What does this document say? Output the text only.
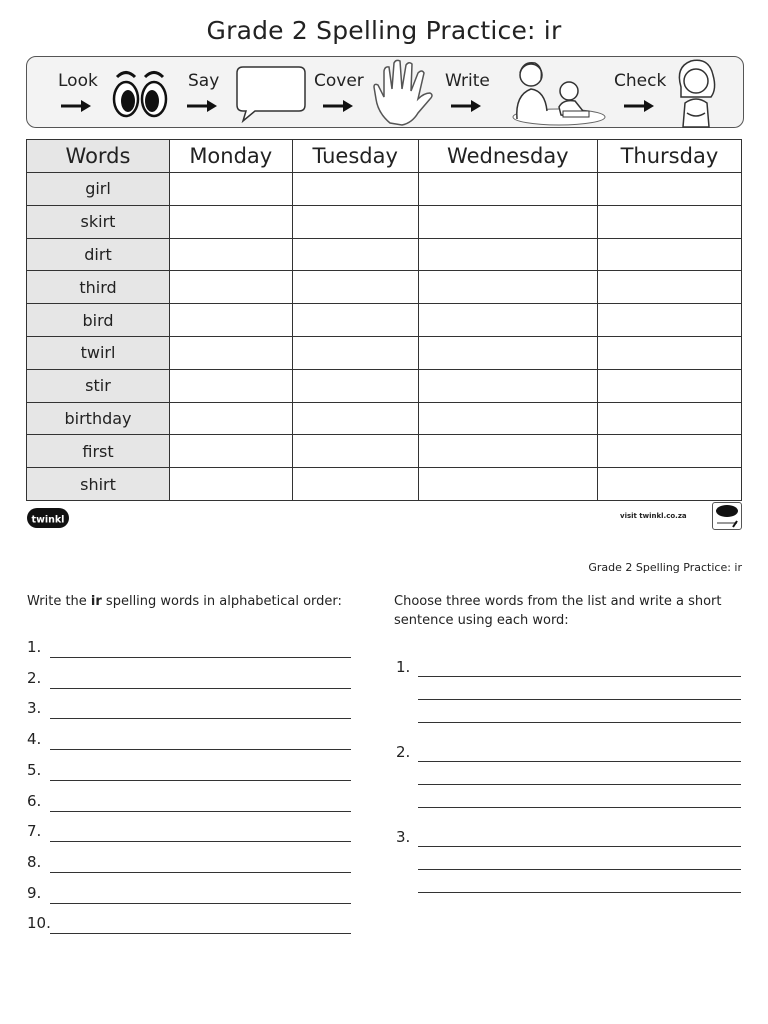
Grade 2 Spelling Practice: ir
Look	Say	Cover	Write	Check
Words	Monday	Tuesday	Wednesday	Thursday
girl				
skirt				
dirt				
third				
bird				
twirl				
stir				
birthday				
first				
shirt				
twinkl	visit twinkl.co.za
Grade 2 Spelling Practice: ir
Write the ir spelling words in alphabetical order:	Choose three words from the list and write a short sentence using each word:
1.
2.
3.
4.
5.
6.
7.
8.
9.
10.
1.
2.
3.
